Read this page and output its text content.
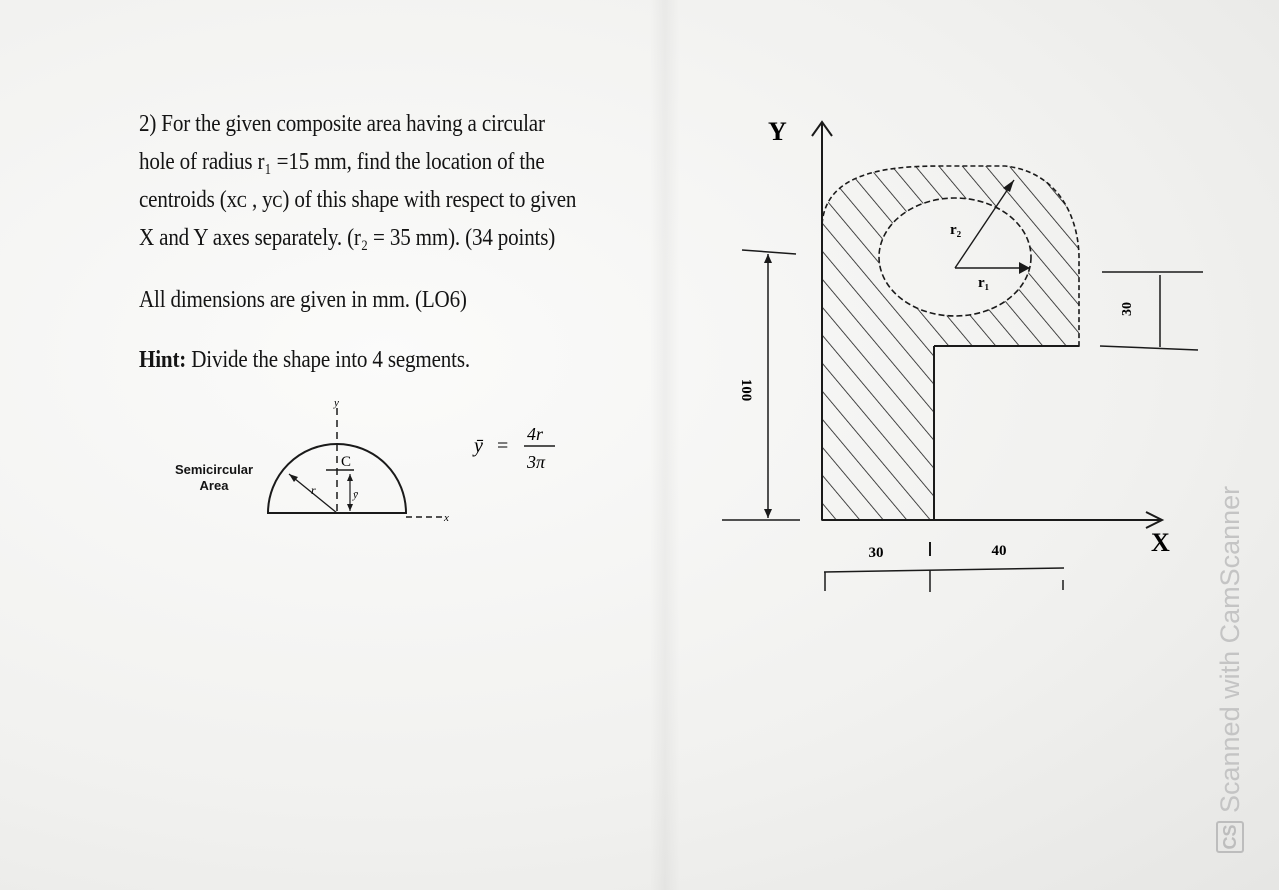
2) For the given composite area having a circular
hole of radius r₁ =15 mm, find the location of the
centroids (xᴄ , yᴄ) of this shape with respect to given
X and Y axes separately. (r₂ = 35 mm). (34 points)
All dimensions are given in mm. (LO6)
Hint: Divide the shape into 4 segments.
Semicircular
Area
y
x
C
r	ȳ
ȳ =
4r
3π
r₂
r₁
Y
X
100
30
30	40
CS
Scanned with CamScanner
